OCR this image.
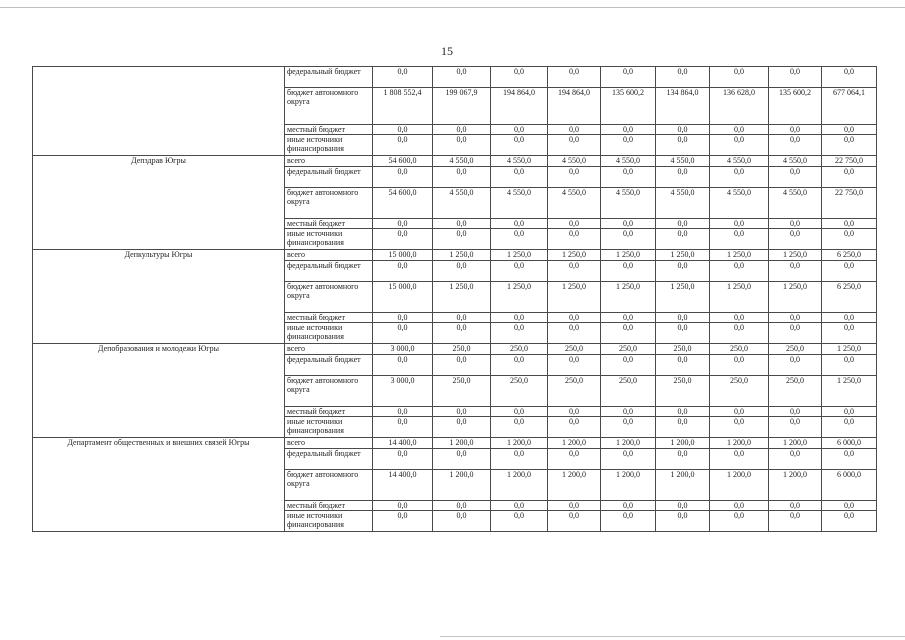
15
	федеральный бюджет	0,0	0,0	0,0	0,0	0,0	0,0	0,0	0,0	0,0
	бюджет автономного округа	1 808 552,4	199 067,9	194 864,0	194 864,0	135 600,2	134 864,0	136 628,0	135 600,2	677 064,1
	местный бюджет	0,0	0,0	0,0	0,0	0,0	0,0	0,0	0,0	0,0
	иные источники финансирования	0,0	0,0	0,0	0,0	0,0	0,0	0,0	0,0	0,0
Депздрав Югры	всего	54 600,0	4 550,0	4 550,0	4 550,0	4 550,0	4 550,0	4 550,0	4 550,0	22 750,0
	федеральный бюджет	0,0	0,0	0,0	0,0	0,0	0,0	0,0	0,0	0,0
	бюджет автономного округа	54 600,0	4 550,0	4 550,0	4 550,0	4 550,0	4 550,0	4 550,0	4 550,0	22 750,0
	местный бюджет	0,0	0,0	0,0	0,0	0,0	0,0	0,0	0,0	0,0
	иные источники финансирования	0,0	0,0	0,0	0,0	0,0	0,0	0,0	0,0	0,0
Депкультуры Югры	всего	15 000,0	1 250,0	1 250,0	1 250,0	1 250,0	1 250,0	1 250,0	1 250,0	6 250,0
	федеральный бюджет	0,0	0,0	0,0	0,0	0,0	0,0	0,0	0,0	0,0
	бюджет автономного округа	15 000,0	1 250,0	1 250,0	1 250,0	1 250,0	1 250,0	1 250,0	1 250,0	6 250,0
	местный бюджет	0,0	0,0	0,0	0,0	0,0	0,0	0,0	0,0	0,0
	иные источники финансирования	0,0	0,0	0,0	0,0	0,0	0,0	0,0	0,0	0,0
Депобразования и молодежи Югры	всего	3 000,0	250,0	250,0	250,0	250,0	250,0	250,0	250,0	1 250,0
	федеральный бюджет	0,0	0,0	0,0	0,0	0,0	0,0	0,0	0,0	0,0
	бюджет автономного округа	3 000,0	250,0	250,0	250,0	250,0	250,0	250,0	250,0	1 250,0
	местный бюджет	0,0	0,0	0,0	0,0	0,0	0,0	0,0	0,0	0,0
	иные источники финансирования	0,0	0,0	0,0	0,0	0,0	0,0	0,0	0,0	0,0
Департамент общественных и внешних связей Югры	всего	14 400,0	1 200,0	1 200,0	1 200,0	1 200,0	1 200,0	1 200,0	1 200,0	6 000,0
	федеральный бюджет	0,0	0,0	0,0	0,0	0,0	0,0	0,0	0,0	0,0
	бюджет автономного округа	14 400,0	1 200,0	1 200,0	1 200,0	1 200,0	1 200,0	1 200,0	1 200,0	6 000,0
	местный бюджет	0,0	0,0	0,0	0,0	0,0	0,0	0,0	0,0	0,0
	иные источники финансирования	0,0	0,0	0,0	0,0	0,0	0,0	0,0	0,0	0,0
